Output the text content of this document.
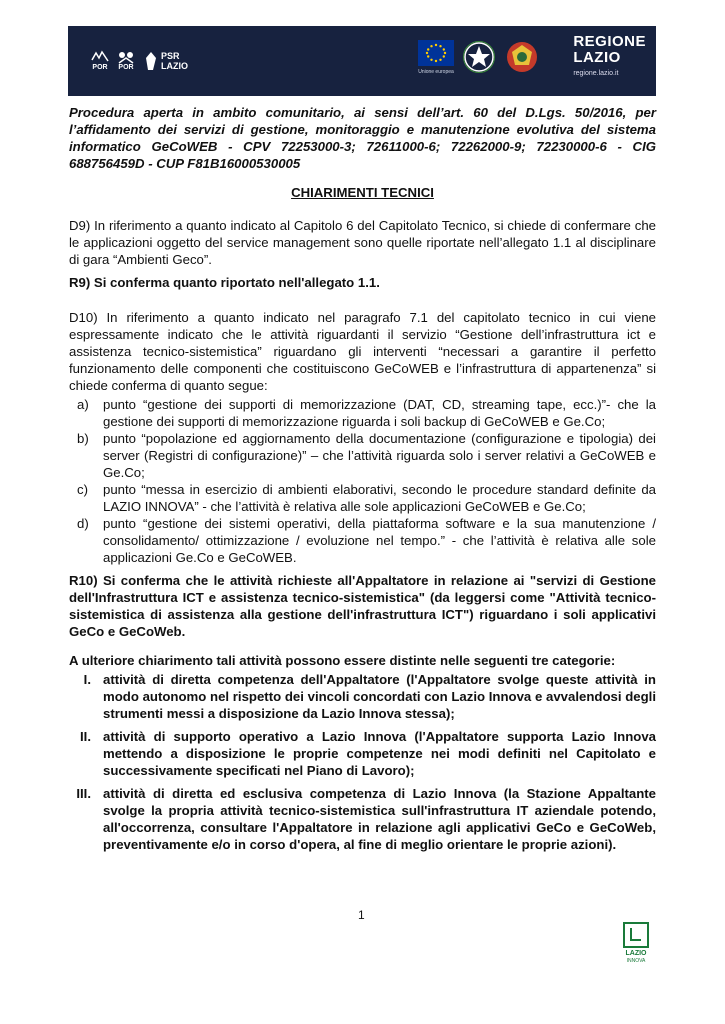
POR POR
PSR LAZIO
Unione europea
REGIONE
LAZIO
regione.lazio.it

Procedura aperta in ambito comunitario, ai sensi dell’art. 60 del D.Lgs. 50/2016, per l’affidamento dei servizi di gestione, monitoraggio e manutenzione evolutiva del sistema informatico GeCoWEB - CPV 72253000-3; 72611000-6; 72262000-9; 72230000-6 - CIG 688756459D - CUP F81B16000530005

CHIARIMENTI TECNICI

D9) In riferimento a quanto indicato al Capitolo 6 del Capitolato Tecnico, si chiede di confermare che le applicazioni oggetto del service management sono quelle riportate nell’allegato 1.1 al disciplinare di gara “Ambienti Geco”.

R9) Si conferma quanto riportato nell'allegato 1.1.

D10) In riferimento a quanto indicato nel paragrafo 7.1 del capitolato tecnico in cui viene espressamente indicato che le attività riguardanti il servizio “Gestione dell’infrastruttura ict e assistenza tecnico-sistemistica” riguardano gli interventi “necessari a garantire il perfetto funzionamento delle componenti che costituiscono GeCoWEB e l’infrastruttura di appartenenza” si chiede conferma di quanto segue:

a) punto “gestione dei supporti di memorizzazione (DAT, CD, streaming tape, ecc.)”- che la gestione dei supporti di memorizzazione riguarda i soli backup di GeCoWEB e Ge.Co;
b) punto “popolazione ed aggiornamento della documentazione (configurazione e tipologia) dei server (Registri di configurazione)” – che l’attività riguarda solo i server relativi a GeCoWEB e Ge.Co;
c) punto “messa in esercizio di ambienti elaborativi, secondo le procedure standard definite da LAZIO INNOVA” - che l’attività è relativa alle sole applicazioni GeCoWEB e Ge.Co;
d) punto “gestione dei sistemi operativi, della piattaforma software e la sua manutenzione / consolidamento/ ottimizzazione / evoluzione nel tempo.” - che l’attività è relativa alle sole applicazioni Ge.Co e GeCoWEB.

R10) Si conferma che le attività richieste all'Appaltatore in relazione ai "servizi di Gestione dell'Infrastruttura ICT e assistenza tecnico-sistemistica" (da leggersi come "Attività tecnico-sistemistica di assistenza alla gestione dell'infrastruttura ICT") riguardano i soli applicativi GeCo e GeCoWeb.

A ulteriore chiarimento tali attività possono essere distinte nelle seguenti tre categorie:

I. attività di diretta competenza dell'Appaltatore (l'Appaltatore svolge queste attività in modo autonomo nel rispetto dei vincoli concordati con Lazio Innova e avvalendosi degli strumenti messi a disposizione da Lazio Innova stessa);
II. attività di supporto operativo a Lazio Innova (l'Appaltatore supporta Lazio Innova mettendo a disposizione le proprie competenze nei modi definiti nel Capitolato e successivamente specificati nel Piano di Lavoro);
III. attività di diretta ed esclusiva competenza di Lazio Innova (la Stazione Appaltante svolge la propria attività tecnico-sistemistica sull'infrastruttura IT aziendale potendo, all'occorrenza, consultare l'Appaltatore in relazione agli applicativi GeCo e GeCoWeb, preventivamente e/o in corso d'opera, al fine di meglio orientare le proprie azioni).
1
LAZIO
INNOVA
